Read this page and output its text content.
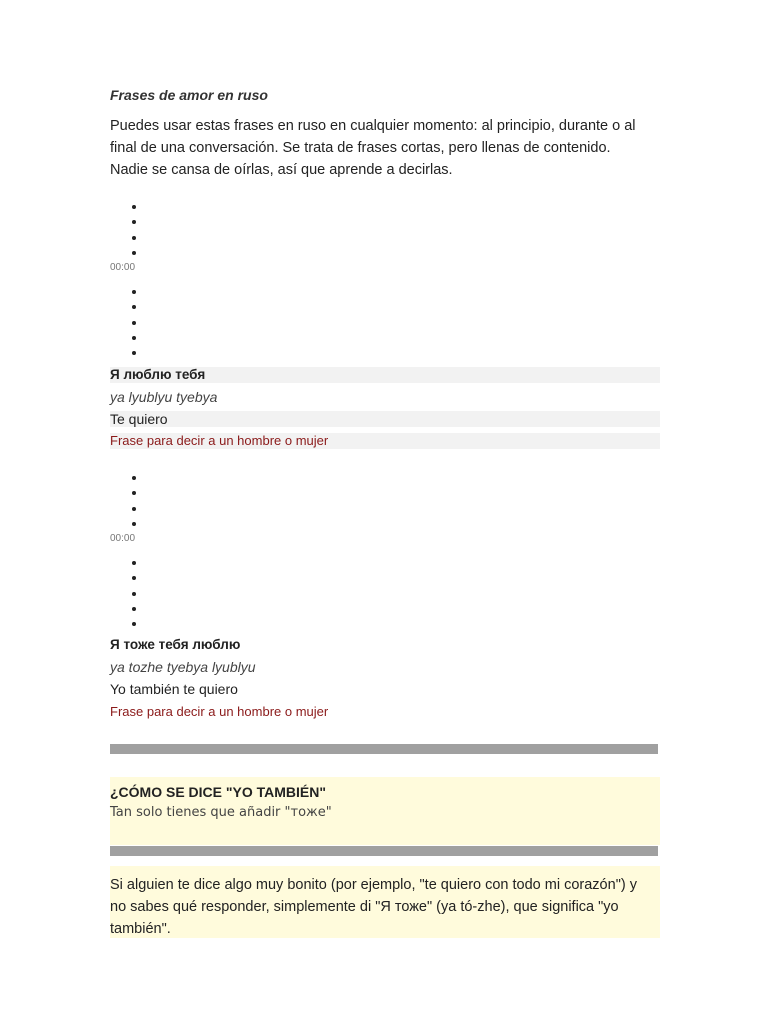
Frases de amor en ruso
Puedes usar estas frases en ruso en cualquier momento: al principio, durante o al
final de una conversación. Se trata de frases cortas, pero llenas de contenido.
Nadie se cansa de oírlas, así que aprende a decirlas.
00:00
Я люблю тебя
ya lyublyu tyebya
Te quiero
Frase para decir a un hombre o mujer
00:00
Я тоже тебя люблю
ya tozhe tyebya lyublyu
Yo también te quiero
Frase para decir a un hombre o mujer
¿CÓMO SE DICE "YO TAMBIÉN"
Tan solo tienes que añadir "тоже"
Si alguien te dice algo muy bonito (por ejemplo, "te quiero con todo mi corazón") y
no sabes qué responder, simplemente di "Я тоже" (ya tó-zhe), que significa "yo
también".
